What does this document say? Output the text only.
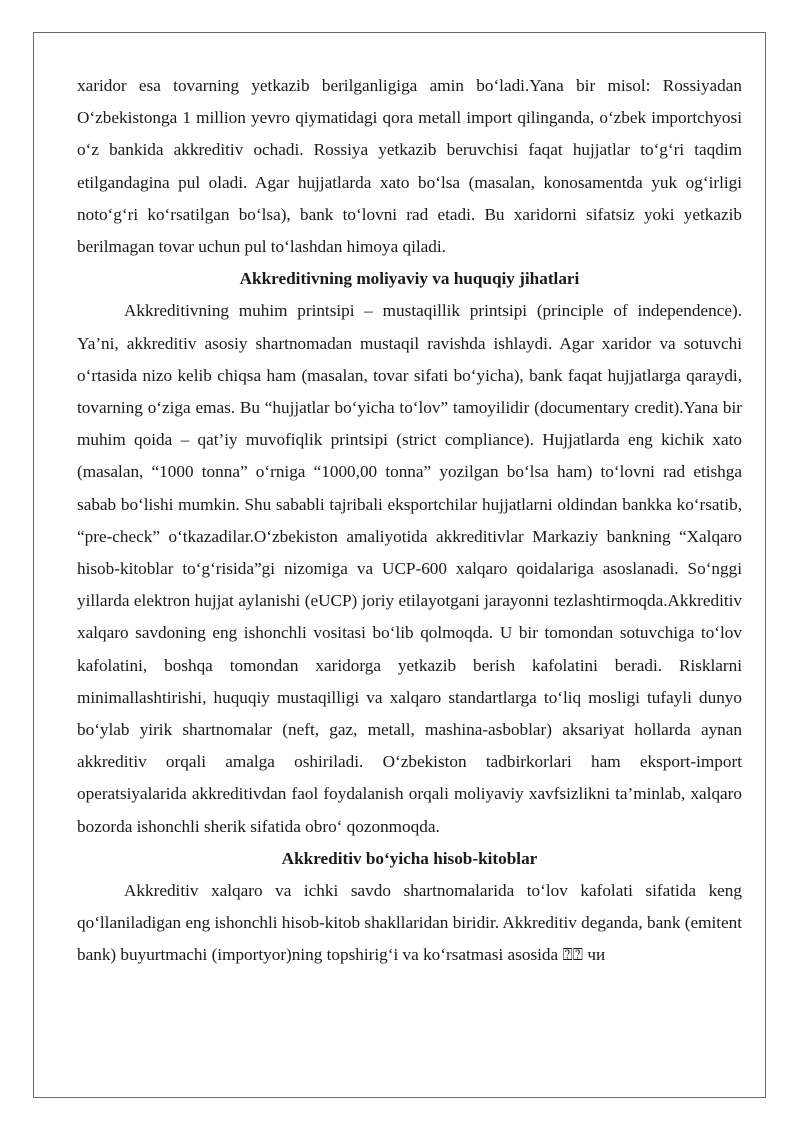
xaridor esa tovarning yetkazib berilganligiga amin bo‘ladi.Yana bir misol: Rossiyadan O‘zbekistonga 1 million yevro qiymatidagi qora metall import qilinganda, o‘zbek importchyosi o‘z bankida akkreditiv ochadi. Rossiya yetkazib beruvchisi faqat hujjatlar to‘g‘ri taqdim etilgandagina pul oladi. Agar hujjatlarda xato bo‘lsa (masalan, konosamentda yuk og‘irligi noto‘g‘ri ko‘rsatilgan bo‘lsa), bank to‘lovni rad etadi. Bu xaridorni sifatsiz yoki yetkazib berilmagan tovar uchun pul to‘lashdan himoya qiladi.

Akkreditivning moliyaviy va huquqiy jihatlari

Akkreditivning muhim printsipi – mustaqillik printsipi (principle of independence). Ya’ni, akkreditiv asosiy shartnomadan mustaqil ravishda ishlaydi. Agar xaridor va sotuvchi o‘rtasida nizo kelib chiqsa ham (masalan, tovar sifati bo‘yicha), bank faqat hujjatlarga qaraydi, tovarning o‘ziga emas. Bu “hujjatlar bo‘yicha to‘lov” tamoyilidir (documentary credit).Yana bir muhim qoida – qat’iy muvofiqlik printsipi (strict compliance). Hujjatlarda eng kichik xato (masalan, “1000 tonna” o‘rniga “1000,00 tonna” yozilgan bo‘lsa ham) to‘lovni rad etishga sabab bo‘lishi mumkin. Shu sababli tajribali eksportchilar hujjatlarni oldindan bankka ko‘rsatib, “pre-check” o‘tkazadilar.O‘zbekiston amaliyotida akkreditivlar Markaziy bankning “Xalqaro hisob-kitoblar to‘g‘risida”gi nizomiga va UCP-600 xalqaro qoidalariga asoslanadi. So‘nggi yillarda elektron hujjat aylanishi (eUCP) joriy etilayotgani jarayonni tezlashtirmoqda.Akkreditiv xalqaro savdoning eng ishonchli vositasi bo‘lib qolmoqda. U bir tomondan sotuvchiga to‘lov kafolatini, boshqa tomondan xaridorga yetkazib berish kafolatini beradi. Risklarni minimallashtirishi, huquqiy mustaqilligi va xalqaro standartlarga to‘liq mosligi tufayli dunyo bo‘ylab yirik shartnomalar (neft, gaz, metall, mashina-asboblar) aksariyat hollarda aynan akkreditiv orqali amalga oshiriladi. O‘zbekiston tadbirkorlari ham eksport-import operatsiyalarida akkreditivdan faol foydalanish orqali moliyaviy xavfsizlikni ta’minlab, xalqaro bozorda ishonchli sherik sifatida obro‘ qozonmoqda.

Akkreditiv bo‘yicha hisob-kitoblar

Akkreditiv xalqaro va ichki savdo shartnomalarida to‘lov kafolati sifatida keng qo‘llaniladigan eng ishonchli hisob-kitob shakllaridan biridir. Akkreditiv deganda, bank (emitent bank) buyurtmachi (importyor)ning topshirig‘i va ko‘rsatmasi asosida ⍰⍰ чи
